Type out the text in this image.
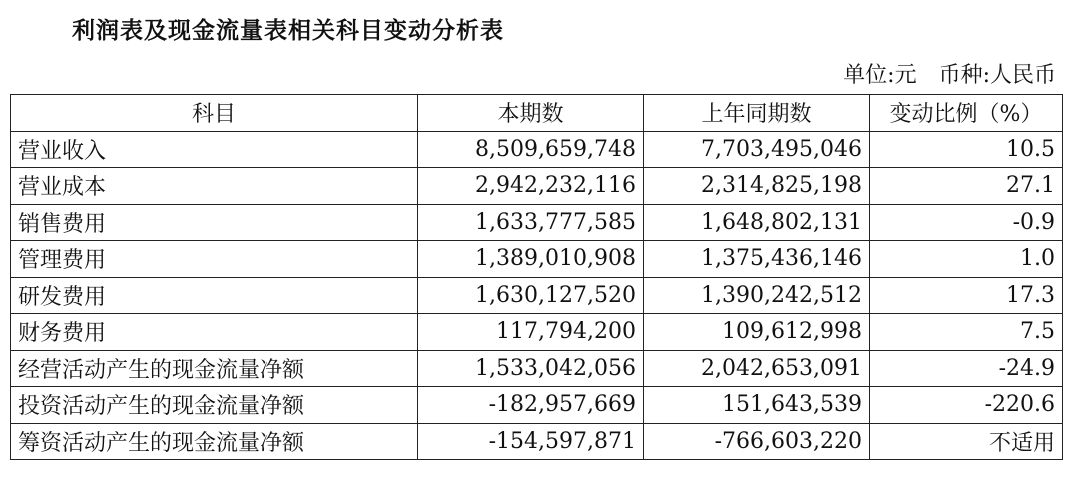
利润表及现金流量表相关科目变动分析表
单位:元　币种:人民币
科目	本期数	上年同期数	变动比例（%）
营业收入	8,509,659,748	7,703,495,046	10.5
营业成本	2,942,232,116	2,314,825,198	27.1
销售费用	1,633,777,585	1,648,802,131	-0.9
管理费用	1,389,010,908	1,375,436,146	1.0
研发费用	1,630,127,520	1,390,242,512	17.3
财务费用	117,794,200	109,612,998	7.5
经营活动产生的现金流量净额	1,533,042,056	2,042,653,091	-24.9
投资活动产生的现金流量净额	-182,957,669	151,643,539	-220.6
筹资活动产生的现金流量净额	-154,597,871	-766,603,220	不适用
